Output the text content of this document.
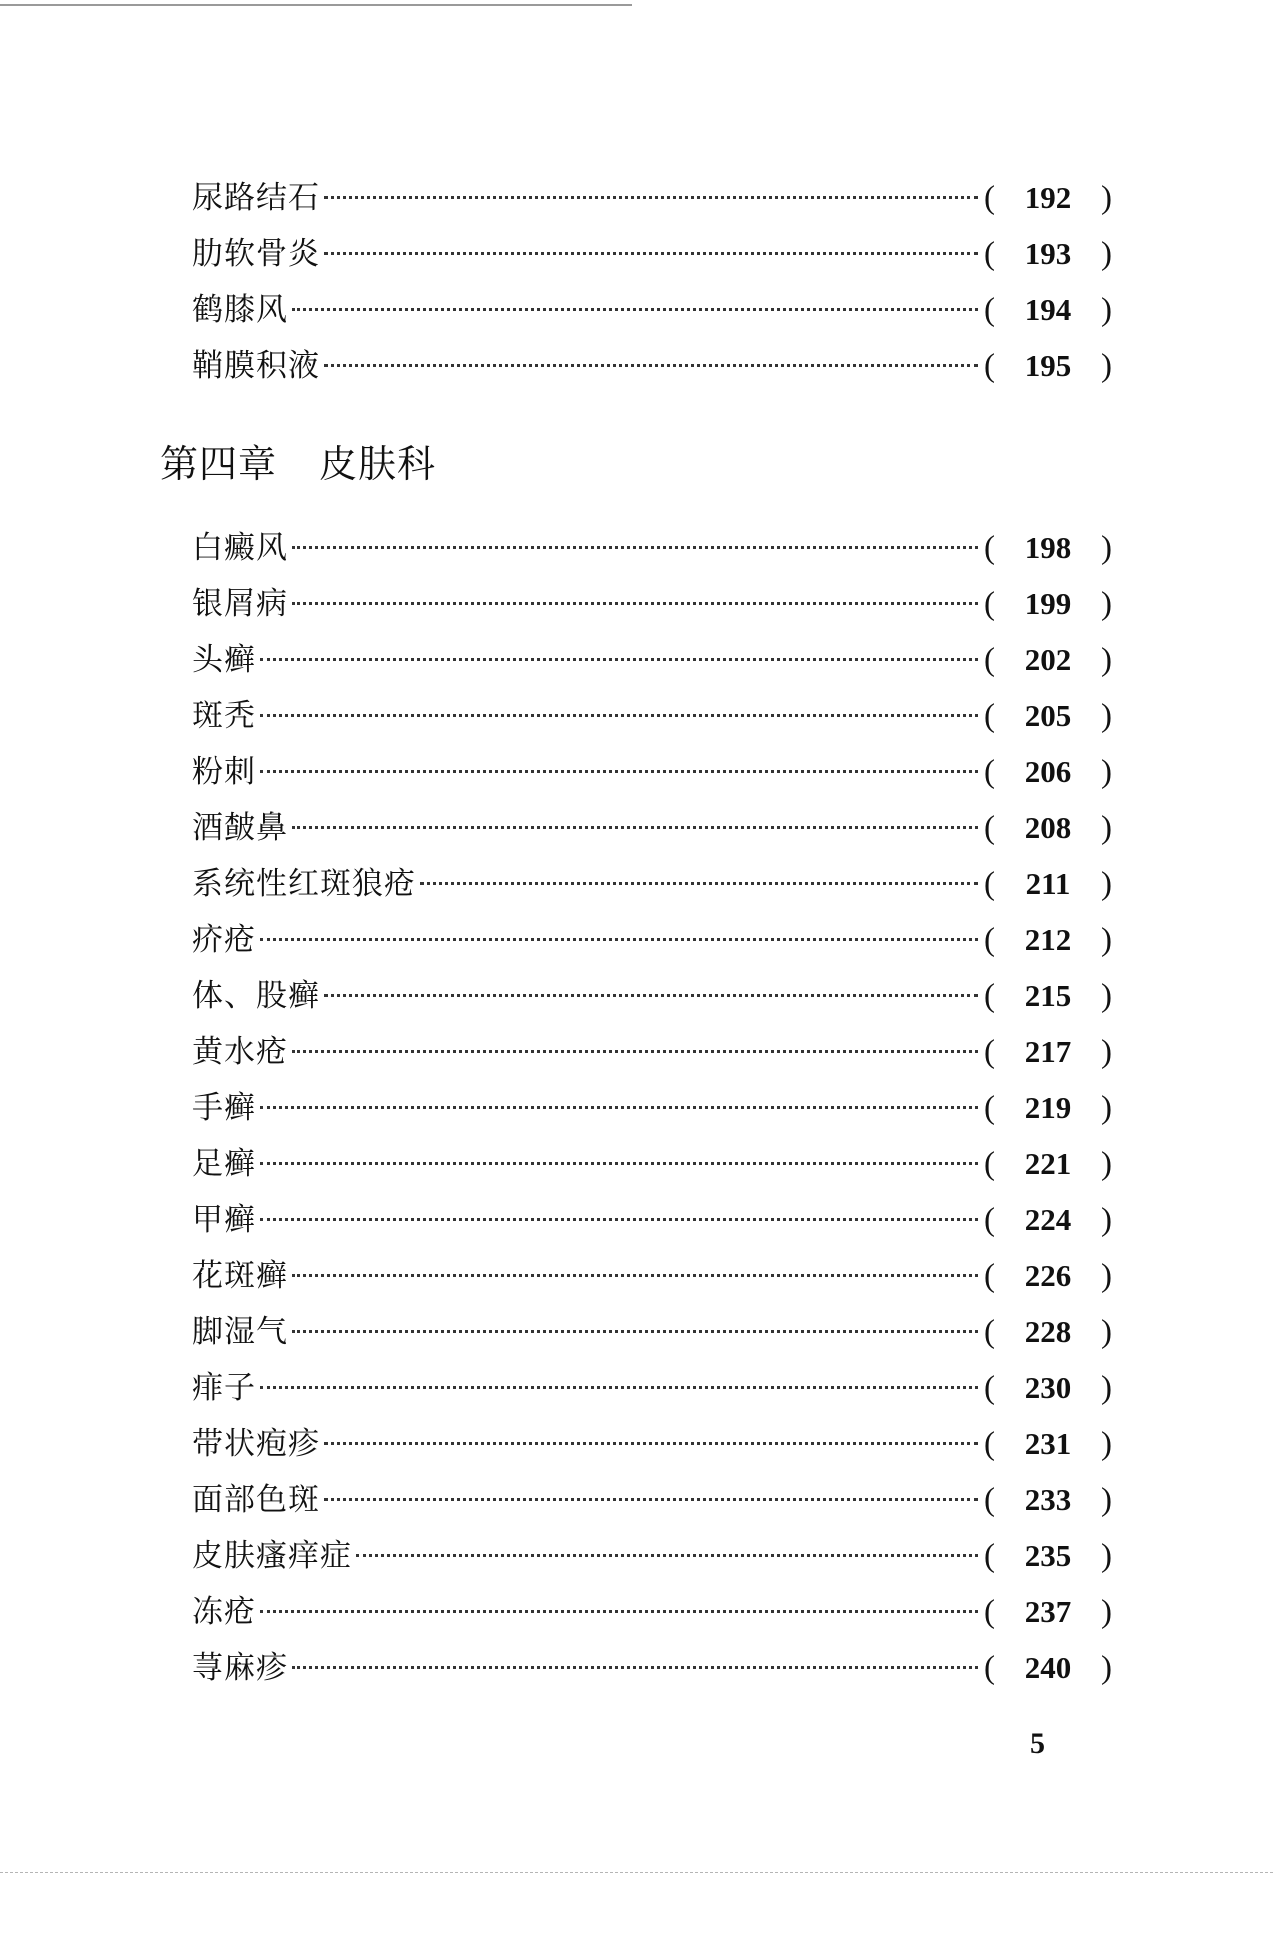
尿路结石	( 192 )
肋软骨炎	( 193 )
鹤膝风	( 194 )
鞘膜积液	( 195 )
第四章 皮肤科
白癜风	( 198 )
银屑病	( 199 )
头癣	( 202 )
斑秃	( 205 )
粉刺	( 206 )
酒皶鼻	( 208 )
系统性红斑狼疮	( 211 )
疥疮	( 212 )
体、股癣	( 215 )
黄水疮	( 217 )
手癣	( 219 )
足癣	( 221 )
甲癣	( 224 )
花斑癣	( 226 )
脚湿气	( 228 )
痱子	( 230 )
带状疱疹	( 231 )
面部色斑	( 233 )
皮肤瘙痒症	( 235 )
冻疮	( 237 )
荨麻疹	( 240 )
5
